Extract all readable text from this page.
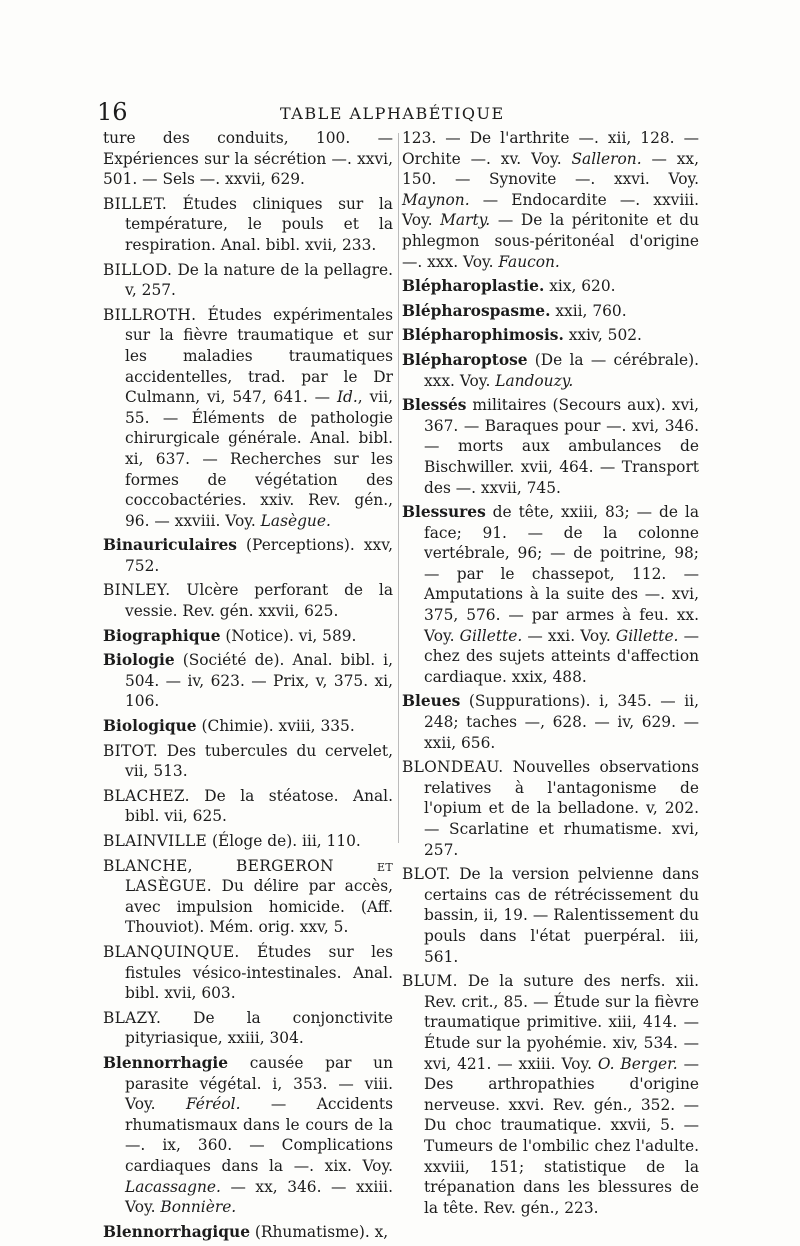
16	TABLE ALPHABÉTIQUE

ture des conduits, 100. — Expériences sur la sécrétion —. xxvi, 501. — Sels —. xxvii, 629.

BILLET. Études cliniques sur la température, le pouls et la respiration. Anal. bibl. xvii, 233.

BILLOD. De la nature de la pellagre. v, 257.

BILLROTH. Études expérimentales sur la fièvre traumatique et sur les maladies traumatiques accidentelles, trad. par le Dr Culmann, vi, 547, 641. — Id., vii, 55. — Éléments de pathologie chirurgicale générale. Anal. bibl. xi, 637. — Recherches sur les formes de végétation des coccobactéries. xxiv. Rev. gén., 96. — xxviii. Voy. Lasègue.

Binauriculaires (Perceptions). xxv, 752.

BINLEY. Ulcère perforant de la vessie. Rev. gén. xxvii, 625.

Biographique (Notice). vi, 589.

Biologie (Société de). Anal. bibl. i, 504. — iv, 623. — Prix, v, 375. xi, 106.

Biologique (Chimie). xviii, 335.

BITOT. Des tubercules du cervelet, vii, 513.

BLACHEZ. De la stéatose. Anal. bibl. vii, 625.

BLAINVILLE (Éloge de). iii, 110.

BLANCHE, BERGERON et LASÈGUE. Du délire par accès, avec impulsion homicide. (Aff. Thouviot). Mém. orig. xxv, 5.

BLANQUINQUE. Études sur les fistules vésico-intestinales. Anal. bibl. xvii, 603.

BLAZY. De la conjonctivite pityriasique, xxiii, 304.

Blennorrhagie causée par un parasite végétal. i, 353. — viii. Voy. Féréol. — Accidents rhumatismaux dans le cours de la —. ix, 360. — Complications cardiaques dans la —. xix. Voy. Lacassagne. — xx, 346. — xxiii. Voy. Bonnière.

Blennorrhagique (Rhumatisme). x,

123. — De l'arthrite —. xii, 128. — Orchite —. xv. Voy. Salleron. — xx, 150. — Synovite —. xxvi. Voy. Maynon. — Endocardite —. xxviii. Voy. Marty. — De la péritonite et du phlegmon sous-péritonéal d'origine —. xxx. Voy. Faucon.

Blépharoplastie. xix, 620.

Blépharospasme. xxii, 760.

Blépharophimosis. xxiv, 502.

Blépharoptose (De la — cérébrale). xxx. Voy. Landouzy.

Blessés militaires (Secours aux). xvi, 367. — Baraques pour —. xvi, 346. — morts aux ambulances de Bischwiller. xvii, 464. — Transport des —. xxvii, 745.

Blessures de tête, xxiii, 83; — de la face; 91. — de la colonne vertébrale, 96; — de poitrine, 98; — par le chassepot, 112. — Amputations à la suite des —. xvi, 375, 576. — par armes à feu. xx. Voy. Gillette. — xxi. Voy. Gillette. — chez des sujets atteints d'affection cardiaque. xxix, 488.

Bleues (Suppurations). i, 345. — ii, 248; taches —, 628. — iv, 629. — xxii, 656.

BLONDEAU. Nouvelles observations relatives à l'antagonisme de l'opium et de la belladone. v, 202. — Scarlatine et rhumatisme. xvi, 257.

BLOT. De la version pelvienne dans certains cas de rétrécissement du bassin, ii, 19. — Ralentissement du pouls dans l'état puerpéral. iii, 561.

BLUM. De la suture des nerfs. xii. Rev. crit., 85. — Étude sur la fièvre traumatique primitive. xiii, 414. — Étude sur la pyohémie. xiv, 534. — xvi, 421. — xxiii. Voy. O. Berger. — Des arthropathies d'origine nerveuse. xxvi. Rev. gén., 352. — Du choc traumatique. xxvii, 5. — Tumeurs de l'ombilic chez l'adulte. xxviii, 151; statistique de la trépanation dans les blessures de la tête. Rev. gén., 223.
